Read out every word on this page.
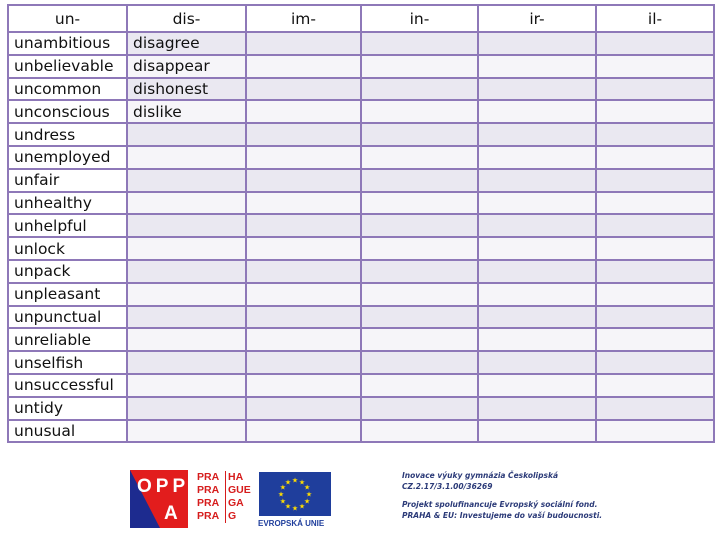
un-	dis-	im-	in-	ir-	il-
unambitious	disagree				
unbelievable	disappear				
uncommon	dishonest				
unconscious	dislike				
undress					
unemployed					
unfair					
unhealthy					
unhelpful					
unlock					
unpack					
unpleasant					
unpunctual					
unreliable					
unselfish					
unsuccessful					
untidy					
unusual					
OPP
A
PRA
PRA
PRA
PRA
HA
GUE
GA
G
★
★
★
★
★
★
★
★
★ ★ ★
★
EVROPSKÁ UNIE
Inovace výuky gymnázia Českolipská
CZ.2.17/3.1.00/36269
Projekt spolufinancuje Evropský sociální fond.
PRAHA & EU: Investujeme do vaší budoucnosti.
